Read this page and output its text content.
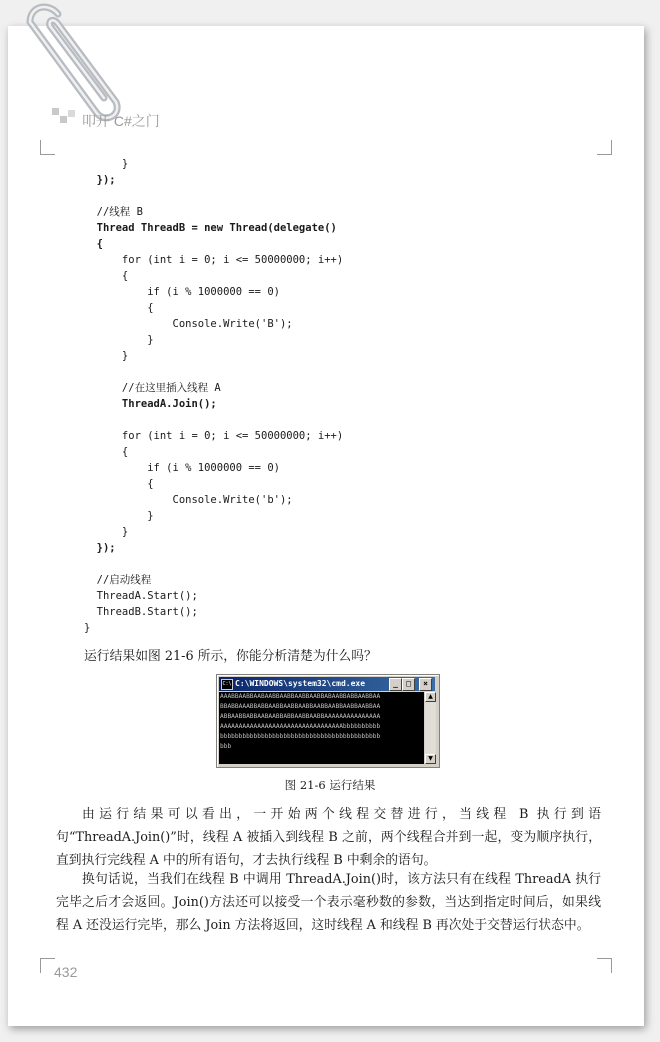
叩开 C#之门
}
});
//线程 B
Thread ThreadB = new Thread(delegate()
{
for (int i = 0; i <= 50000000; i++)
{
if (i % 1000000 == 0)
{
Console.Write('B');
}
}
//在这里插入线程 A
ThreadA.Join();
for (int i = 0; i <= 50000000; i++)
{
if (i % 1000000 == 0)
{
Console.Write('b');
}
}
});
//启动线程
ThreadA.Start();
ThreadB.Start();
}
运行结果如图 21-6 所示，你能分析清楚为什么吗？
C:\ C:\WINDOWS\system32\cmd.exe	_	□	×
AAABBAABBAABAABBAABBAABBAABBABAABBABBAABBAA
BBABBAAABBABBAABBAABBAABBAABBAABBAABBAABBAA
ABBAABBABBAABAABBABBAABBAABBAAAAAAAAAAAAAAA
AAAAAAAAAAAAAAAAAAAAAAAAAAAAAAAAAbbbbbbbbbb
bbbbbbbbbbbbbbbbbbbbbbbbbbbbbbbbbbbbbbbbbbb
bbb
▲
▼
图 21-6 运行结果

由运行结果可以看出，一开始两个线程交替进行，当线程 B 执行到语句“ThreadA.Join()”时，线程 A 被插入到线程 B 之前，两个线程合并到一起，变为顺序执行，直到执行完线程 A 中的所有语句，才去执行线程 B 中剩余的语句。

换句话说，当我们在线程 B 中调用 ThreadA.Join()时，该方法只有在线程 ThreadA 执行完毕之后才会返回。Join()方法还可以接受一个表示毫秒数的参数，当达到指定时间后，如果线程 A 还没运行完毕，那么 Join 方法将返回，这时线程 A 和线程 B 再次处于交替运行状态中。

432
